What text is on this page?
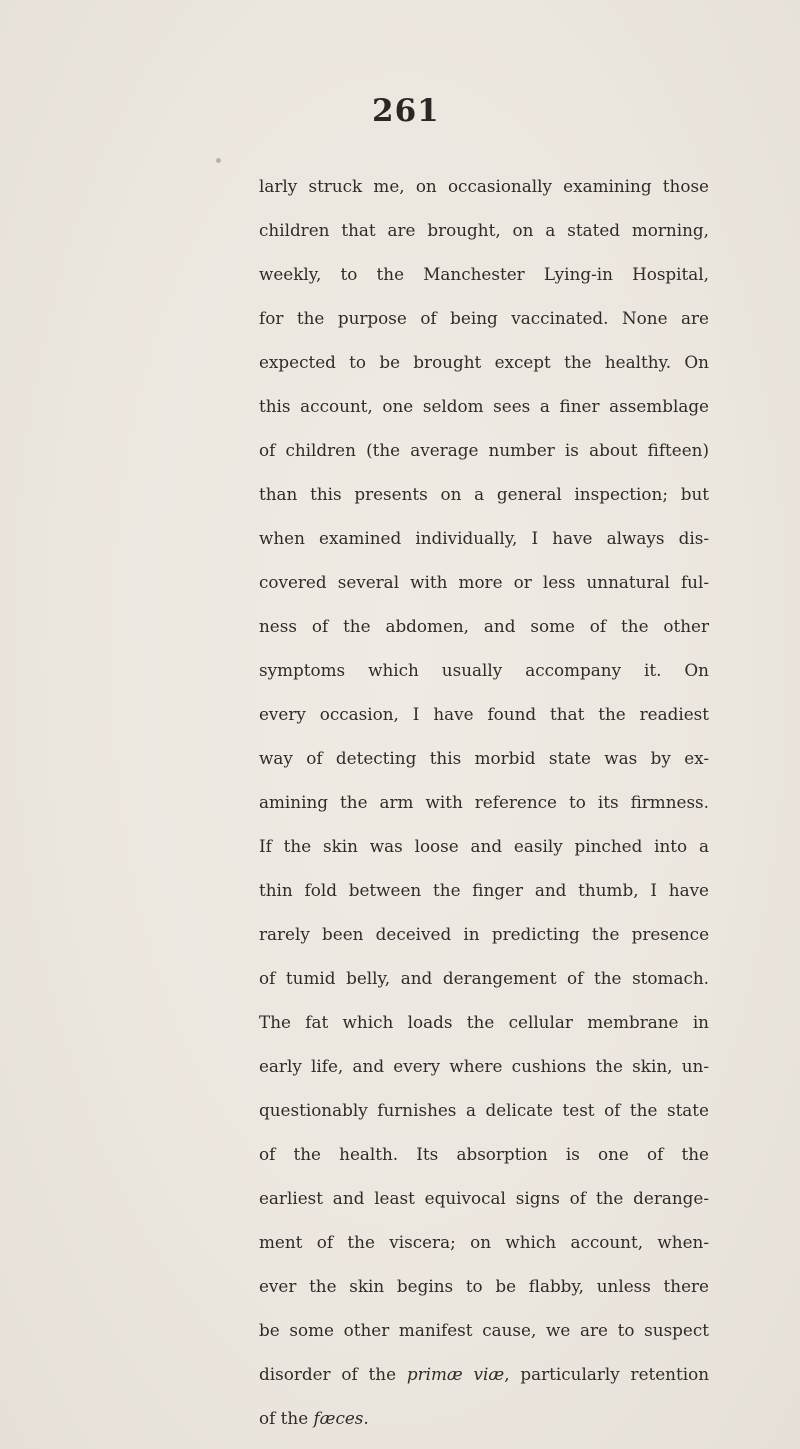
261

larly struck me, on occasionally examining those
children that are brought, on a stated morning,
weekly, to the Manchester Lying-in Hospital,
for the purpose of being vaccinated. None are
expected to be brought except the healthy. On
this account, one seldom sees a finer assemblage
of children (the average number is about fifteen)
than this presents on a general inspection; but
when examined individually, I have always dis-
covered several with more or less unnatural ful-
ness of the abdomen, and some of the other
symptoms which usually accompany it. On
every occasion, I have found that the readiest
way of detecting this morbid state was by ex-
amining the arm with reference to its firmness.
If the skin was loose and easily pinched into a
thin fold between the finger and thumb, I have
rarely been deceived in predicting the presence
of tumid belly, and derangement of the stomach.
The fat which loads the cellular membrane in
early life, and every where cushions the skin, un-
questionably furnishes a delicate test of the state
of the health. Its absorption is one of the
earliest and least equivocal signs of the derange-
ment of the viscera; on which account, when-
ever the skin begins to be flabby, unless there
be some other manifest cause, we are to suspect
disorder of the primæ viæ, particularly retention
of the fæces.
